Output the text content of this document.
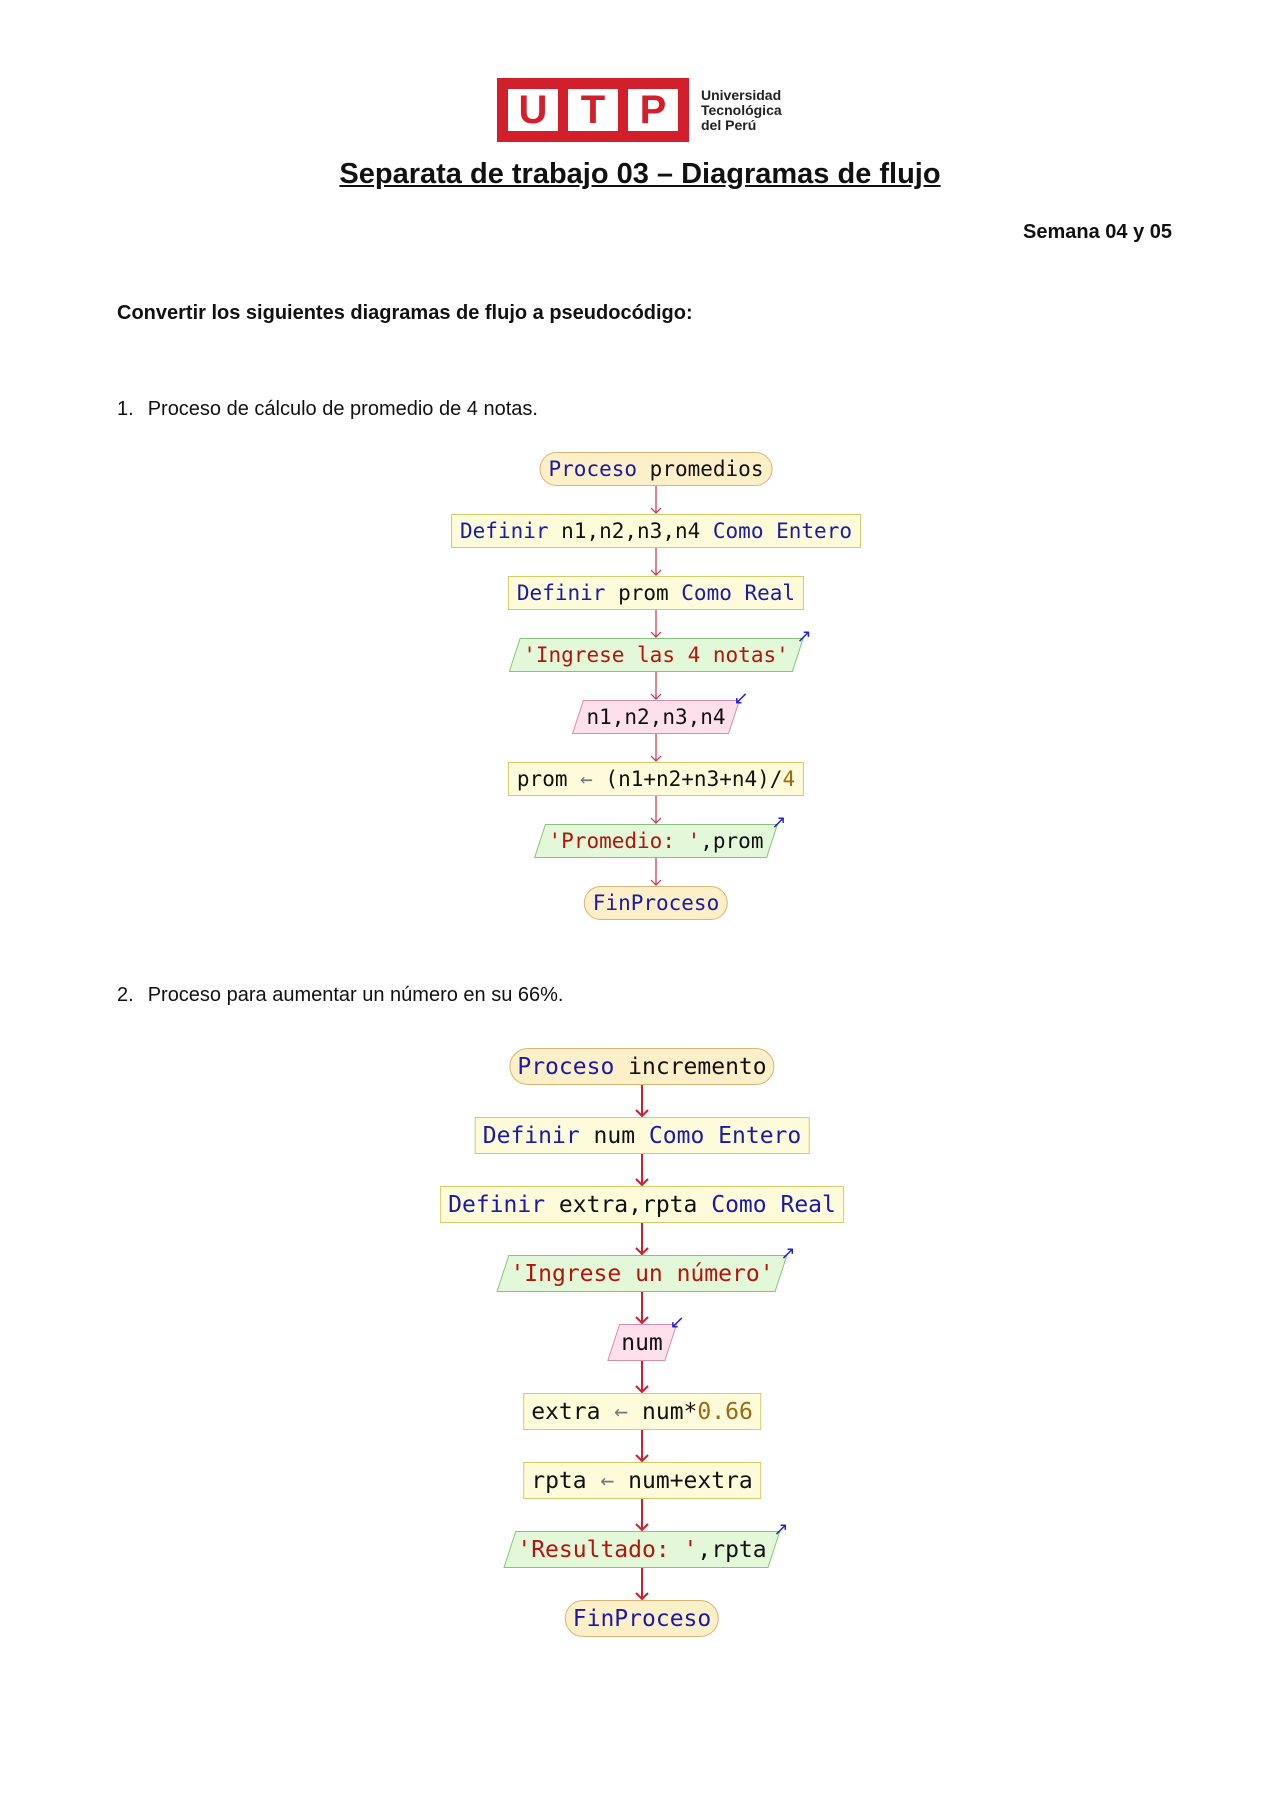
U T P	Universidad
Tecnológica
del Perú
Separata de trabajo 03 – Diagramas de flujo
Semana 04 y 05
Convertir los siguientes diagramas de flujo a pseudocódigo:
1. Proceso de cálculo de promedio de 4 notas.
Proceso promedios
Definir n1,n2,n3,n4 Como Entero
Definir prom Como Real
'Ingrese las 4 notas'
↗
n1,n2,n3,n4
↙
prom ← (n1+n2+n3+n4)/4
'Promedio: ',prom
↗
FinProceso
2. Proceso para aumentar un número en su 66%.
Proceso incremento
Definir num Como Entero
Definir extra,rpta Como Real
'Ingrese un número'
↗
num
↙
extra ← num*0.66
rpta ← num+extra
'Resultado: ',rpta
↗
FinProceso
